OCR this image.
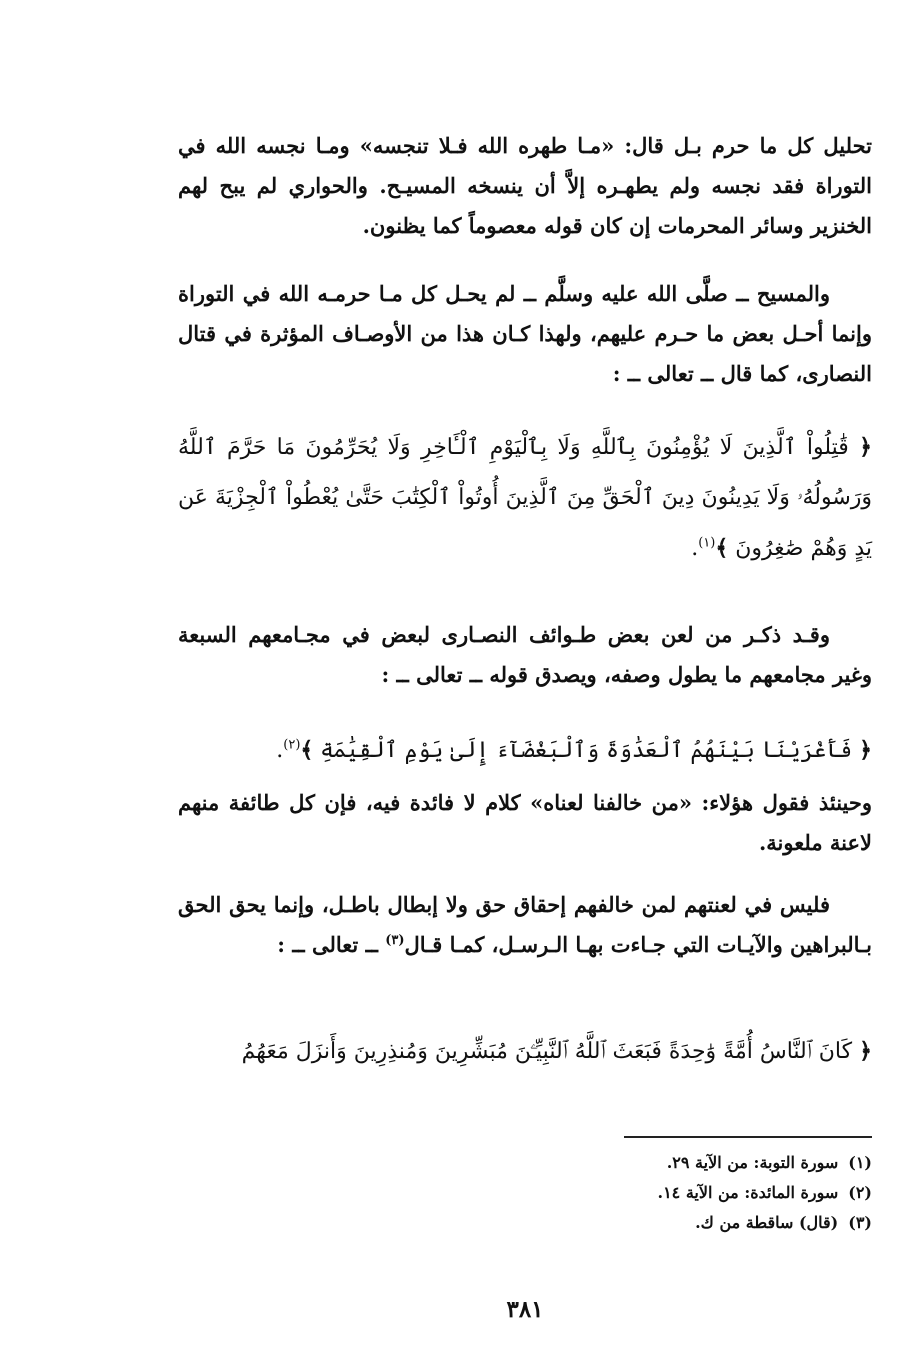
تحليل كل ما حرم بـل قال: «مـا طهره الله فـلا تنجسه» ومـا نجسه الله في التوراة فقد نجسه ولم يطهـره إلاَّ أن ينسخه المسيـح. والحواري لم يبح لهم الخنزير وسائر المحرمات إن كان قوله معصوماً كما يظنون.

والمسيح ــ صلَّى الله عليه وسلَّم ــ لم يحـل كل مـا حرمـه الله في التوراة وإنما أحـل بعض ما حـرم عليهم، ولهذا كـان هذا من الأوصـاف المؤثرة في قتال النصارى، كما قال ــ تعالى ــ :

﴿ قَٰتِلُواْ ٱلَّذِينَ لَا يُؤْمِنُونَ بِٱللَّهِ وَلَا بِٱلْيَوْمِ ٱلْـَٔاخِرِ وَلَا يُحَرِّمُونَ مَا حَرَّمَ ٱللَّهُ وَرَسُولُهُۥ وَلَا يَدِينُونَ دِينَ ٱلْحَقِّ مِنَ ٱلَّذِينَ أُوتُواْ ٱلْكِتَٰبَ حَتَّىٰ يُعْطُواْ ٱلْجِزْيَةَ عَن يَدٍ وَهُمْ صَٰغِرُونَ ﴾$^{(١)}$.

وقـد ذكـر من لعن بعض طـوائف النصـارى لبعض في مجـامعهم السبعة وغير مجامعهم ما يطول وصفه، ويصدق قوله ــ تعالى ــ :

﴿ فَأَغْرَيْنَا بَيْنَهُمُ ٱلْعَدَٰوَةَ وَٱلْبَغْضَآءَ إِلَىٰ يَوْمِ ٱلْقِيَٰمَةِ ﴾$^{(٢)}$.

وحينئذ فقول هؤلاء: «من خالفنا لعناه» كلام لا فائدة فيه، فإن كل طائفة منهم لاعنة ملعونة.

فليس في لعنتهم لمن خالفهم إحقاق حق ولا إبطال باطـل، وإنما يحق الحق بـالبراهين والآيـات التي جـاءت بهـا الـرسـل، كمـا قـال$^{(٣)}$ ــ تعالى ــ :

﴿ كَانَ ٱلنَّاسُ أُمَّةً وَٰحِدَةً فَبَعَثَ ٱللَّهُ ٱلنَّبِيِّـۧنَ مُبَشِّرِينَ وَمُنذِرِينَ وَأَنزَلَ مَعَهُمُ

(١)سورة التوبة: من الآية ٢٩.
(٢)سورة المائدة: من الآية ١٤.
(٣)(قال) ساقطة من ك.
٣٨١
